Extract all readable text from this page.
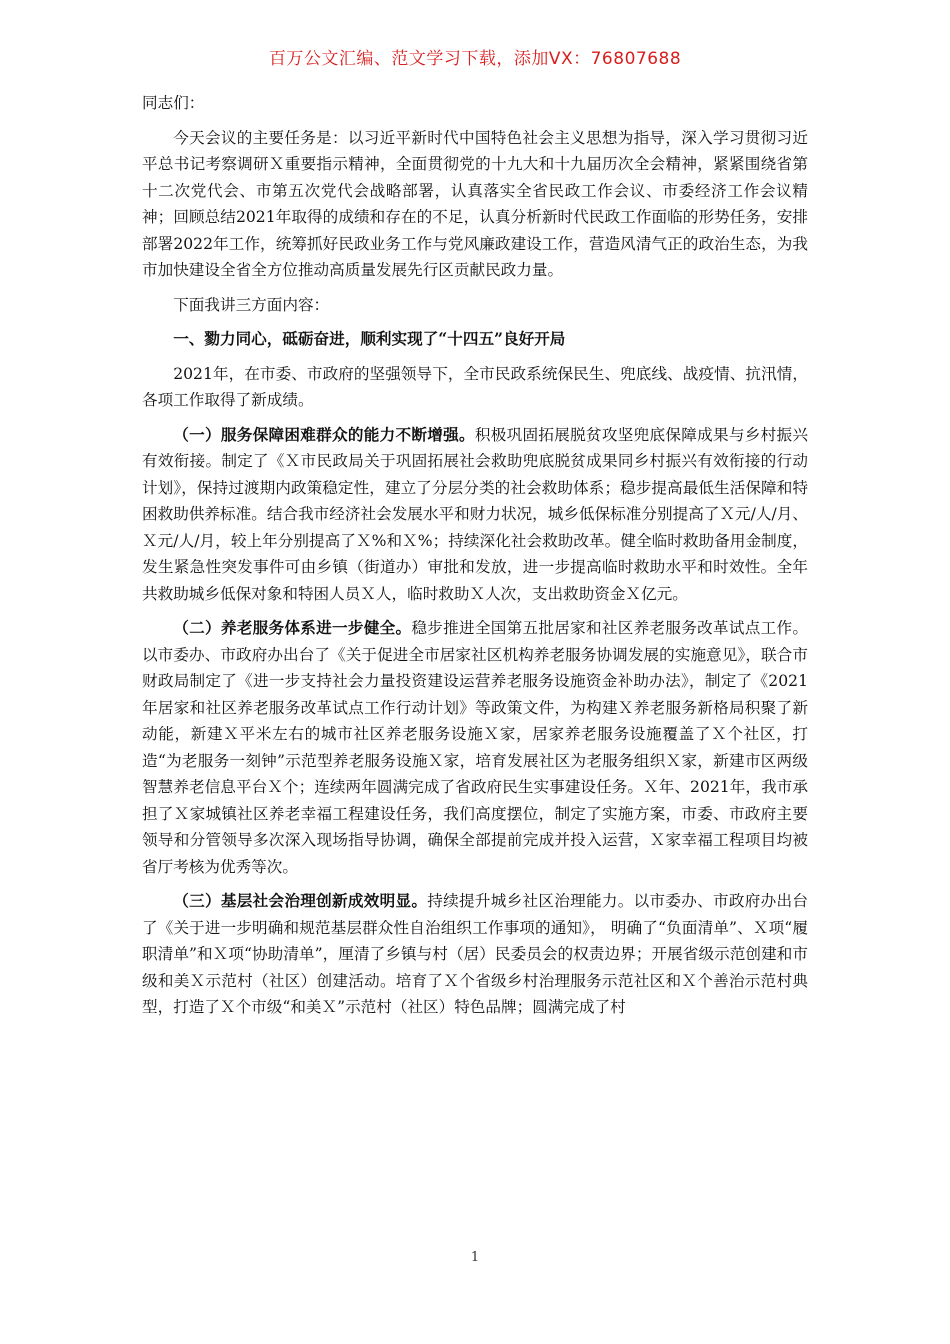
百万公文汇编、范文学习下载，添加VX：76807688

同志们：

今天会议的主要任务是：以习近平新时代中国特色社会主义思想为指导，深入学习贯彻习近平总书记考察调研Ｘ重要指示精神，全面贯彻党的十九大和十九届历次全会精神，紧紧围绕省第十二次党代会、市第五次党代会战略部署，认真落实全省民政工作会议、市委经济工作会议精神；回顾总结2021年取得的成绩和存在的不足，认真分析新时代民政工作面临的形势任务，安排部署2022年工作，统筹抓好民政业务工作与党风廉政建设工作，营造风清气正的政治生态，为我市加快建设全省全方位推动高质量发展先行区贡献民政力量。

下面我讲三方面内容：

一、勠力同心，砥砺奋进，顺利实现了“十四五”良好开局

2021年，在市委、市政府的坚强领导下，全市民政系统保民生、兜底线、战疫情、抗汛情，各项工作取得了新成绩。

（一）服务保障困难群众的能力不断增强。积极巩固拓展脱贫攻坚兜底保障成果与乡村振兴有效衔接。制定了《Ｘ市民政局关于巩固拓展社会救助兜底脱贫成果同乡村振兴有效衔接的行动计划》，保持过渡期内政策稳定性，建立了分层分类的社会救助体系；稳步提高最低生活保障和特困救助供养标准。结合我市经济社会发展水平和财力状况，城乡低保标准分别提高了Ｘ元/人/月、Ｘ元/人/月，较上年分别提高了Ｘ%和Ｘ%；持续深化社会救助改革。健全临时救助备用金制度，发生紧急性突发事件可由乡镇（街道办）审批和发放，进一步提高临时救助水平和时效性。全年共救助城乡低保对象和特困人员Ｘ人，临时救助Ｘ人次，支出救助资金Ｘ亿元。

（二）养老服务体系进一步健全。稳步推进全国第五批居家和社区养老服务改革试点工作。以市委办、市政府办出台了《关于促进全市居家社区机构养老服务协调发展的实施意见》，联合市财政局制定了《进一步支持社会力量投资建设运营养老服务设施资金补助办法》，制定了《2021年居家和社区养老服务改革试点工作行动计划》等政策文件，为构建Ｘ养老服务新格局积聚了新动能，新建Ｘ平米左右的城市社区养老服务设施Ｘ家，居家养老服务设施覆盖了Ｘ个社区，打造“为老服务一刻钟”示范型养老服务设施Ｘ家，培育发展社区为老服务组织Ｘ家，新建市区两级智慧养老信息平台Ｘ个；连续两年圆满完成了省政府民生实事建设任务。Ｘ年、2021年，我市承担了Ｘ家城镇社区养老幸福工程建设任务，我们高度摆位，制定了实施方案，市委、市政府主要领导和分管领导多次深入现场指导协调，确保全部提前完成并投入运营，Ｘ家幸福工程项目均被省厅考核为优秀等次。

（三）基层社会治理创新成效明显。持续提升城乡社区治理能力。以市委办、市政府办出台了《关于进一步明确和规范基层群众性自治组织工作事项的通知》， 明确了“负面清单”、Ｘ项“履职清单”和Ｘ项“协助清单”，厘清了乡镇与村（居）民委员会的权责边界；开展省级示范创建和市级和美Ｘ示范村（社区）创建活动。培育了Ｘ个省级乡村治理服务示范社区和Ｘ个善治示范村典型，打造了Ｘ个市级“和美Ｘ”示范村（社区）特色品牌；圆满完成了村

1
